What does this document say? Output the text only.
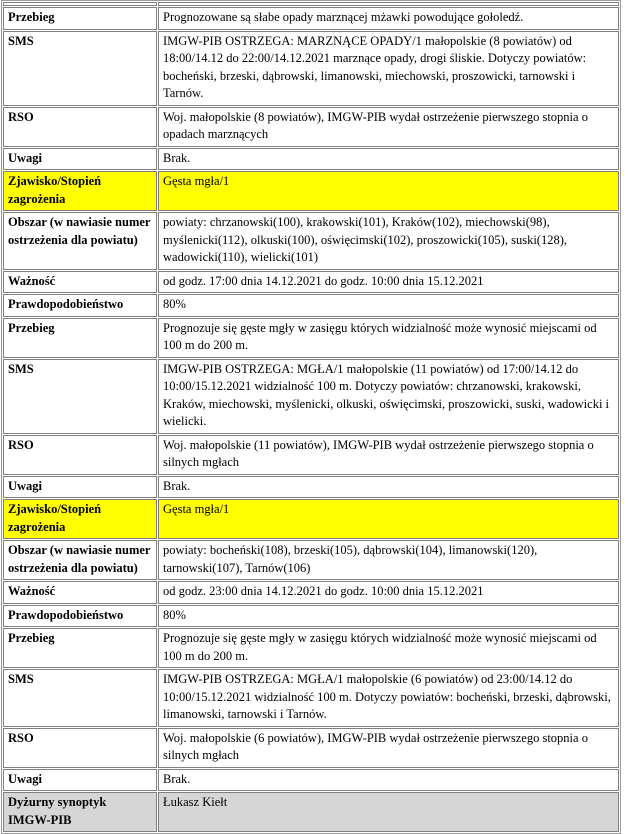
Przebieg	Prognozowane są słabe opady marznącej mżawki powodujące gołoledź.
SMS	IMGW-PIB OSTRZEGA: MARZNĄCE OPADY/1 małopolskie (8 powiatów) od 18:00/14.12 do 22:00/14.12.2021 marznące opady, drogi śliskie. Dotyczy powiatów: bocheński, brzeski, dąbrowski, limanowski, miechowski, proszowicki, tarnowski i Tarnów.
RSO	Woj. małopolskie (8 powiatów), IMGW-PIB wydał ostrzeżenie pierwszego stopnia o opadach marznących
Uwagi	Brak.
Zjawisko/Stopień zagrożenia	Gęsta mgła/1
Obszar (w nawiasie numer ostrzeżenia dla powiatu)	powiaty: chrzanowski(100), krakowski(101), Kraków(102), miechowski(98), myślenicki(112), olkuski(100), oświęcimski(102), proszowicki(105), suski(128), wadowicki(110), wielicki(101)
Ważność	od godz. 17:00 dnia 14.12.2021 do godz. 10:00 dnia 15.12.2021
Prawdopodobieństwo	80%
Przebieg	Prognozuje się gęste mgły w zasięgu których widzialność może wynosić miejscami od 100 m do 200 m.
SMS	IMGW-PIB OSTRZEGA: MGŁA/1 małopolskie (11 powiatów) od 17:00/14.12 do 10:00/15.12.2021 widzialność 100 m. Dotyczy powiatów: chrzanowski, krakowski, Kraków, miechowski, myślenicki, olkuski, oświęcimski, proszowicki, suski, wadowicki i wielicki.
RSO	Woj. małopolskie (11 powiatów), IMGW-PIB wydał ostrzeżenie pierwszego stopnia o silnych mgłach
Uwagi	Brak.
Zjawisko/Stopień zagrożenia	Gęsta mgła/1
Obszar (w nawiasie numer ostrzeżenia dla powiatu)	powiaty: bocheński(108), brzeski(105), dąbrowski(104), limanowski(120), tarnowski(107), Tarnów(106)
Ważność	od godz. 23:00 dnia 14.12.2021 do godz. 10:00 dnia 15.12.2021
Prawdopodobieństwo	80%
Przebieg	Prognozuje się gęste mgły w zasięgu których widzialność może wynosić miejscami od 100 m do 200 m.
SMS	IMGW-PIB OSTRZEGA: MGŁA/1 małopolskie (6 powiatów) od 23:00/14.12 do 10:00/15.12.2021 widzialność 100 m. Dotyczy powiatów: bocheński, brzeski, dąbrowski, limanowski, tarnowski i Tarnów.
RSO	Woj. małopolskie (6 powiatów), IMGW-PIB wydał ostrzeżenie pierwszego stopnia o silnych mgłach
Uwagi	Brak.
Dyżurny synoptyk IMGW-PIB	Łukasz Kiełt
